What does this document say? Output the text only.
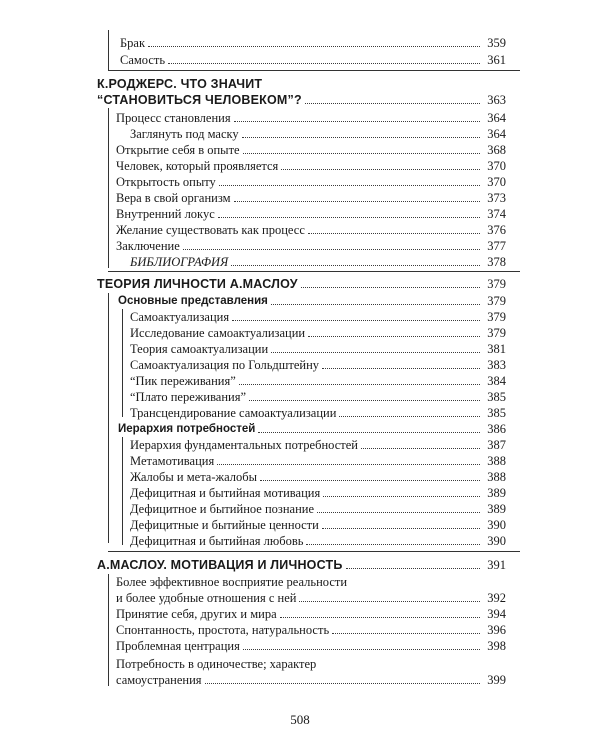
Брак	359
Самость	361
К.РОДЖЕРС. ЧТО ЗНАЧИТ
“СТАНОВИТЬСЯ ЧЕЛОВЕКОМ”?	363
Процесс становления	364
Заглянуть под маску	364
Открытие себя в опыте	368
Человек, который проявляется	370
Открытость опыту	370
Вера в свой организм	373
Внутренний локус	374
Желание существовать как процесс	376
Заключение	377
БИБЛИОГРАФИЯ	378
ТЕОРИЯ ЛИЧНОСТИ А.МАСЛОУ	379
Основные представления	379
Самоактуализация	379
Исследование самоактуализации	379
Теория самоактуализации	381
Самоактуализация по Гольдштейну	383
“Пик переживания”	384
“Плато переживания”	385
Трансцендирование самоактуализации	385
Иерархия потребностей	386
Иерархия фундаментальных потребностей	387
Метамотивация	388
Жалобы и мета-жалобы	388
Дефицитная и бытийная мотивация	389
Дефицитное и бытийное познание	389
Дефицитные и бытийные ценности	390
Дефицитная и бытийная любовь	390
А.МАСЛОУ. МОТИВАЦИЯ И ЛИЧНОСТЬ	391
Более эффективное восприятие реальности
и более удобные отношения с ней	392
Принятие себя, других и мира	394
Спонтанность, простота, натуральность	396
Проблемная центрация	398
Потребность в одиночестве; характер
самоустранения	399
508
